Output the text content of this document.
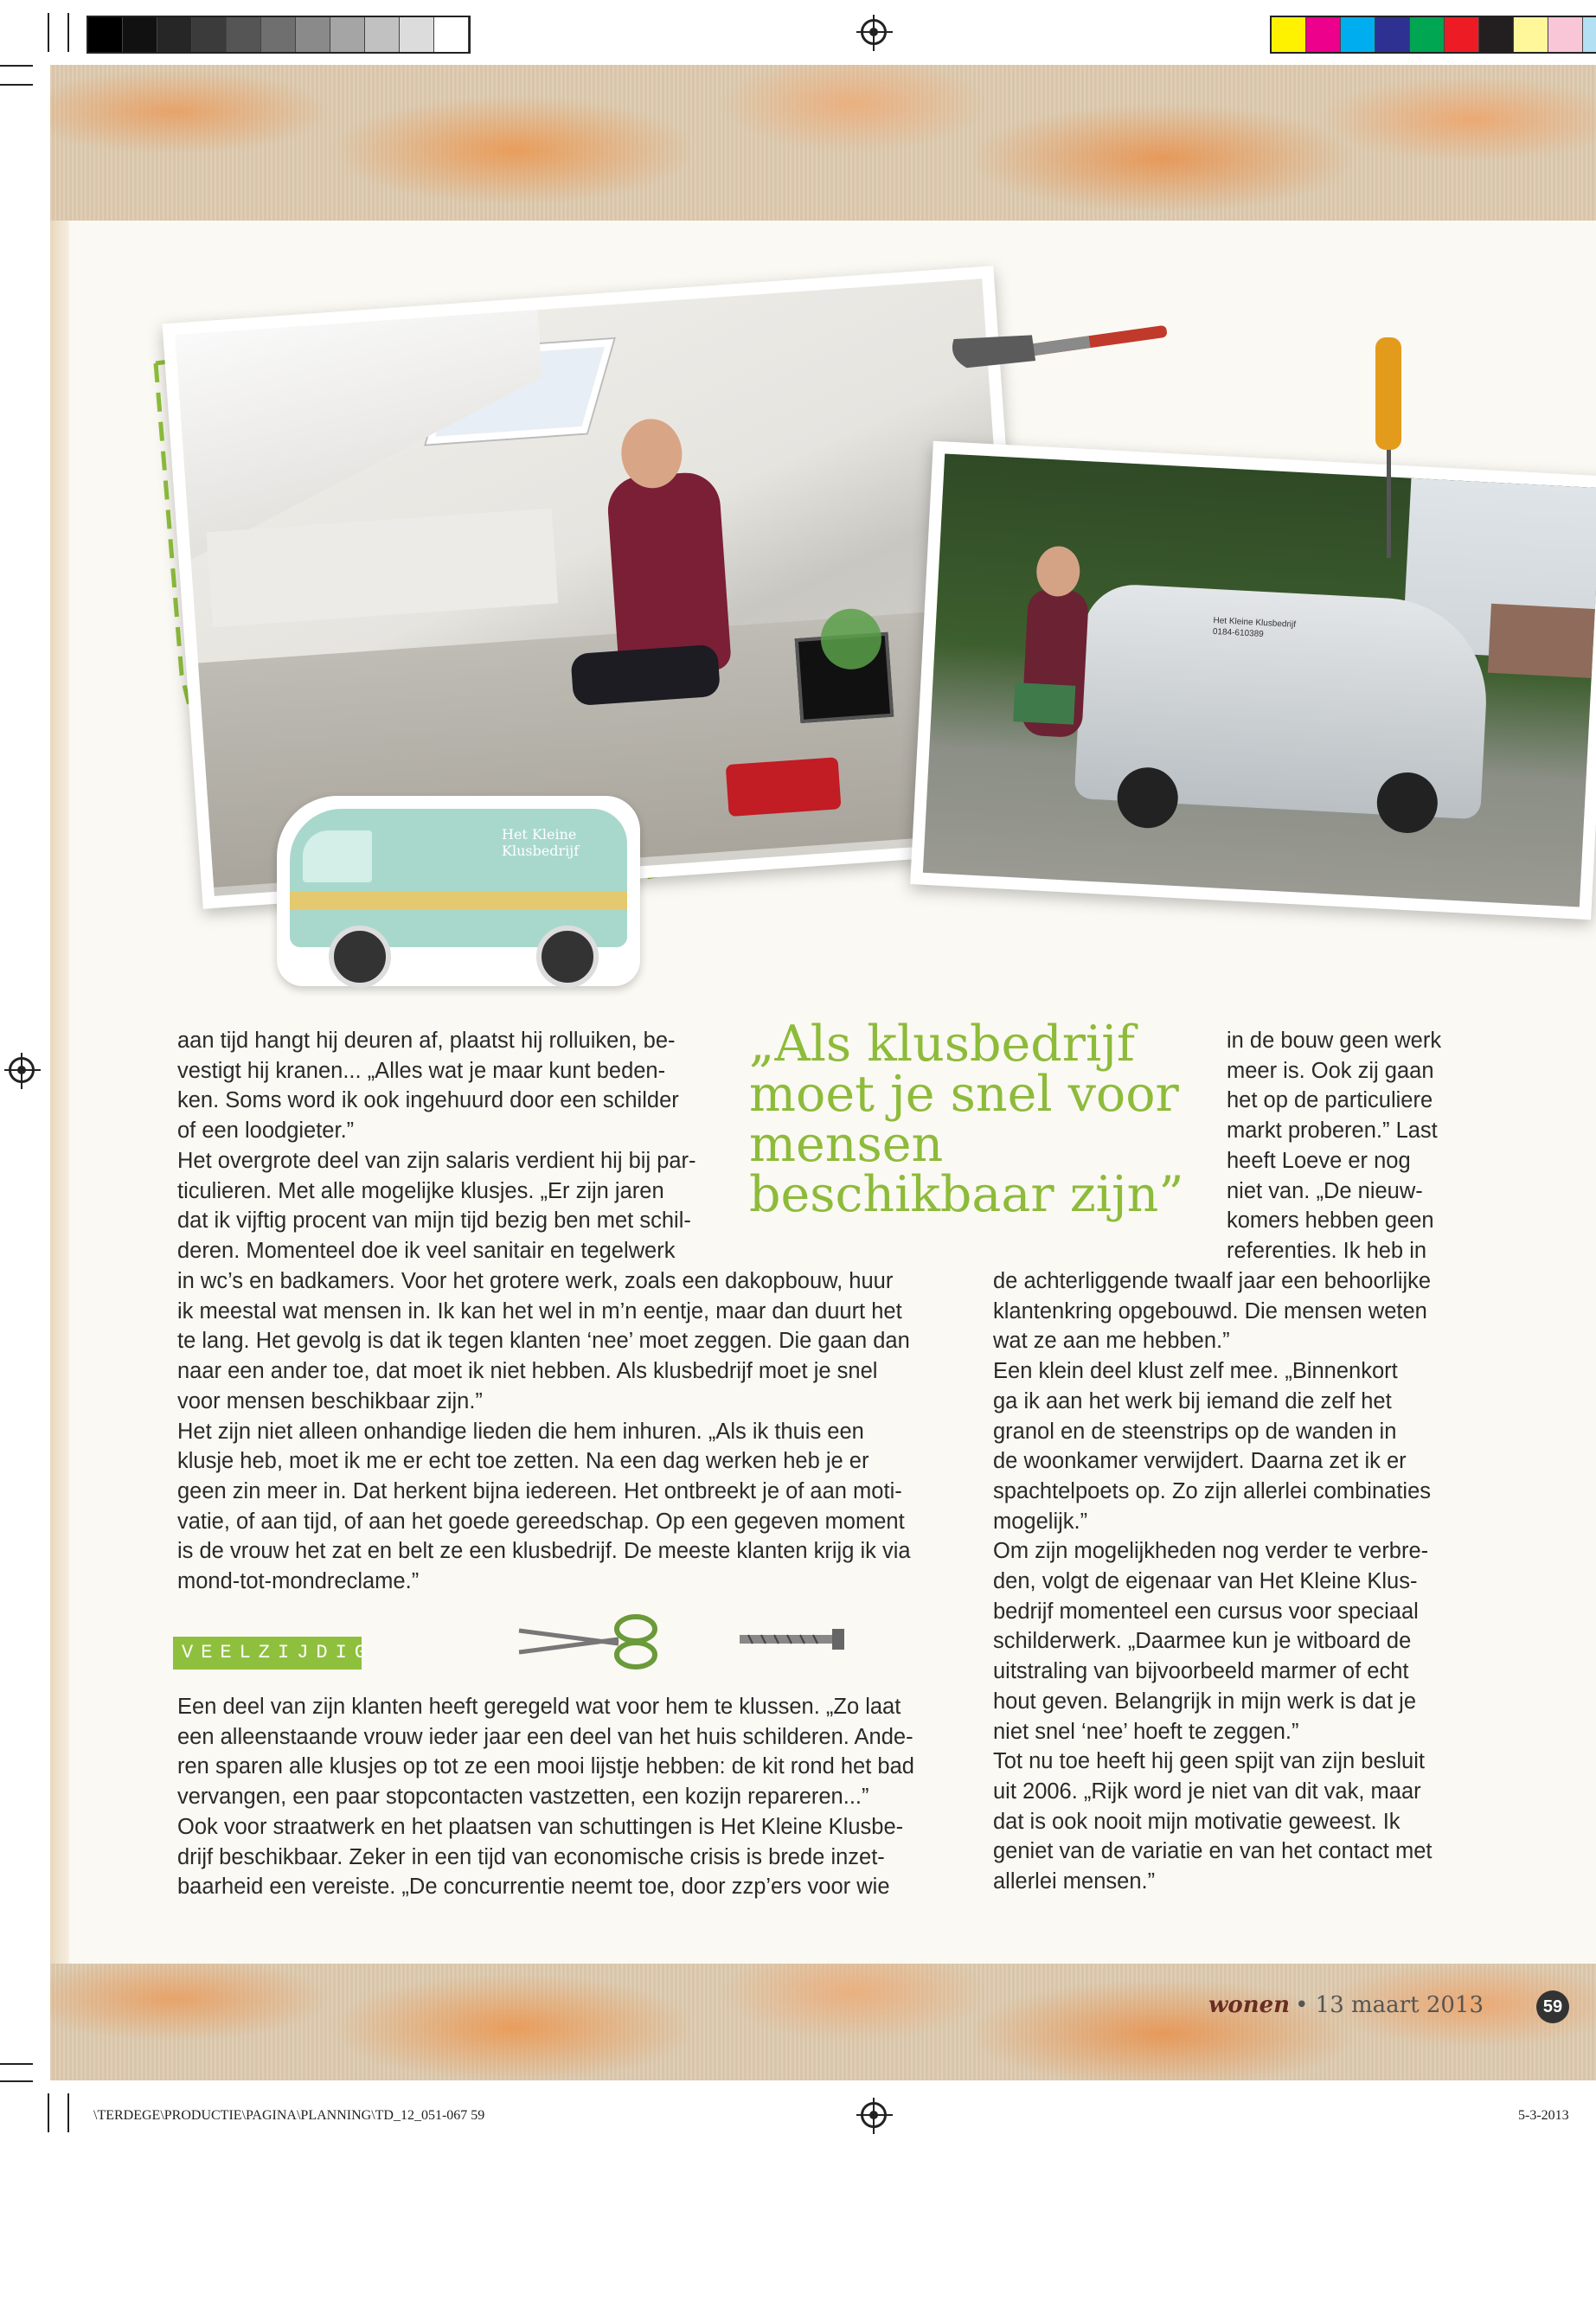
Het Kleine Klusbedrijf
0184-610389
Het Kleine Klusbedrijf

aan tijd hangt hij deuren af, plaatst hij rolluiken, be-

vestigt hij kranen... „Alles wat je maar kunt beden-

ken. Soms word ik ook ingehuurd door een schilder

of een loodgieter.”

Het overgrote deel van zijn salaris verdient hij bij par-

ticulieren. Met alle mogelijke klusjes. „Er zijn jaren

dat ik vijftig procent van mijn tijd bezig ben met schil-

deren. Momenteel doe ik veel sanitair en tegelwerk

„Als klusbedrijf moet je snel voor mensen beschikbaar zijn”

in de bouw geen werk

meer is. Ook zij gaan

het op de particuliere

markt proberen.” Last

heeft Loeve er nog

niet van. „De nieuw-

komers hebben geen

referenties. Ik heb in

in wc’s en badkamers. Voor het grotere werk, zoals een dakopbouw, huur

ik meestal wat mensen in. Ik kan het wel in m’n eentje, maar dan duurt het

te lang. Het gevolg is dat ik tegen klanten ‘nee’ moet zeggen. Die gaan dan

naar een ander toe, dat moet ik niet hebben. Als klusbedrijf moet je snel

voor mensen beschikbaar zijn.”

Het zijn niet alleen onhandige lieden die hem inhuren. „Als ik thuis een

klusje heb, moet ik me er echt toe zetten. Na een dag werken heb je er

geen zin meer in. Dat herkent bijna iedereen. Het ontbreekt je of aan moti-

vatie, of aan tijd, of aan het goede gereedschap. Op een gegeven moment

is de vrouw het zat en belt ze een klusbedrijf. De meeste klanten krijg ik via

mond-tot-mondreclame.”

de achterliggende twaalf jaar een behoorlijke

klantenkring opgebouwd. Die mensen weten

wat ze aan me hebben.”

Een klein deel klust zelf mee. „Binnenkort

ga ik aan het werk bij iemand die zelf het

granol en de steenstrips op de wanden in

de woonkamer verwijdert. Daarna zet ik er

spachtelpoets op. Zo zijn allerlei combinaties

mogelijk.”

Om zijn mogelijkheden nog verder te verbre-

den, volgt de eigenaar van Het Kleine Klus-

bedrijf momenteel een cursus voor speciaal

schilderwerk. „Daarmee kun je witboard de

uitstraling van bijvoorbeeld marmer of echt

hout geven. Belangrijk in mijn werk is dat je

niet snel ‘nee’ hoeft te zeggen.”

Tot nu toe heeft hij geen spijt van zijn besluit

uit 2006. „Rijk word je niet van dit vak, maar

dat is ook nooit mijn motivatie geweest. Ik

geniet van de variatie en van het contact met

allerlei mensen.”

VEELZIJDIG

Een deel van zijn klanten heeft geregeld wat voor hem te klussen. „Zo laat

een alleenstaande vrouw ieder jaar een deel van het huis schilderen. Ande-

ren sparen alle klusjes op tot ze een mooi lijstje hebben: de kit rond het bad

vervangen, een paar stopcontacten vastzetten, een kozijn repareren...”

Ook voor straatwerk en het plaatsen van schuttingen is Het Kleine Klusbe-

drijf beschikbaar. Zeker in een tijd van economische crisis is brede inzet-

baarheid een vereiste. „De concurrentie neemt toe, door zzp’ers voor wie

wonen • 13 maart 2013	59
\TERDEGE\PRODUCTIE\PAGINA\PLANNING\TD_12_051-067 59	5-3-2013
